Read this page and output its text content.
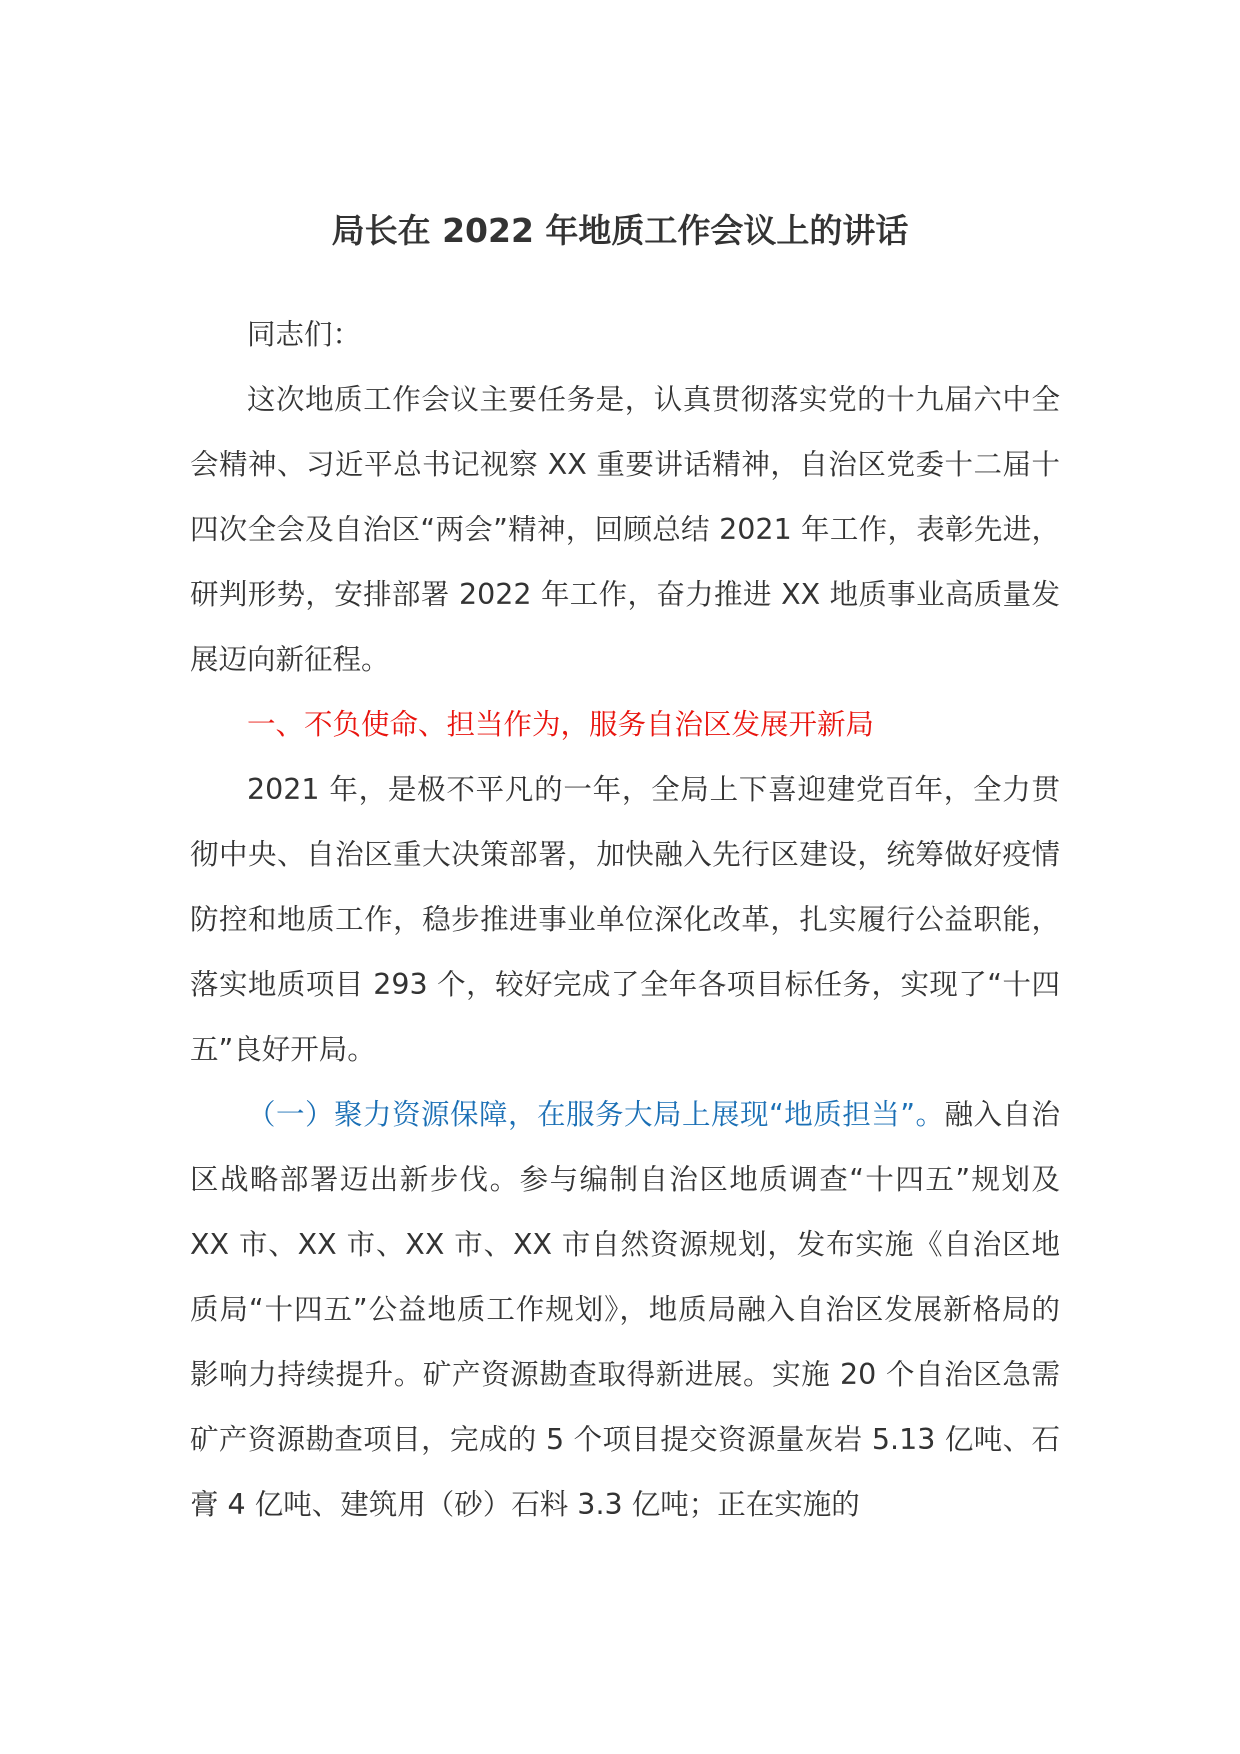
局长在 2022 年地质工作会议上的讲话

同志们：

这次地质工作会议主要任务是，认真贯彻落实党的十九届六中全会精神、习近平总书记视察 XX 重要讲话精神，自治区党委十二届十四次全会及自治区“两会”精神，回顾总结 2021 年工作，表彰先进，研判形势，安排部署 2022 年工作，奋力推进 XX 地质事业高质量发展迈向新征程。

一、不负使命、担当作为，服务自治区发展开新局

2021 年，是极不平凡的一年，全局上下喜迎建党百年，全力贯彻中央、自治区重大决策部署，加快融入先行区建设，统筹做好疫情防控和地质工作，稳步推进事业单位深化改革，扎实履行公益职能，落实地质项目 293 个，较好完成了全年各项目标任务，实现了“十四五”良好开局。

（一）聚力资源保障，在服务大局上展现“地质担当”。融入自治区战略部署迈出新步伐。参与编制自治区地质调查“十四五”规划及 XX 市、XX 市、XX 市、XX 市自然资源规划，发布实施《自治区地质局“十四五”公益地质工作规划》，地质局融入自治区发展新格局的影响力持续提升。矿产资源勘查取得新进展。实施 20 个自治区急需矿产资源勘查项目，完成的 5 个项目提交资源量灰岩 5.13 亿吨、石膏 4 亿吨、建筑用（砂）石料 3.3 亿吨；正在实施的
